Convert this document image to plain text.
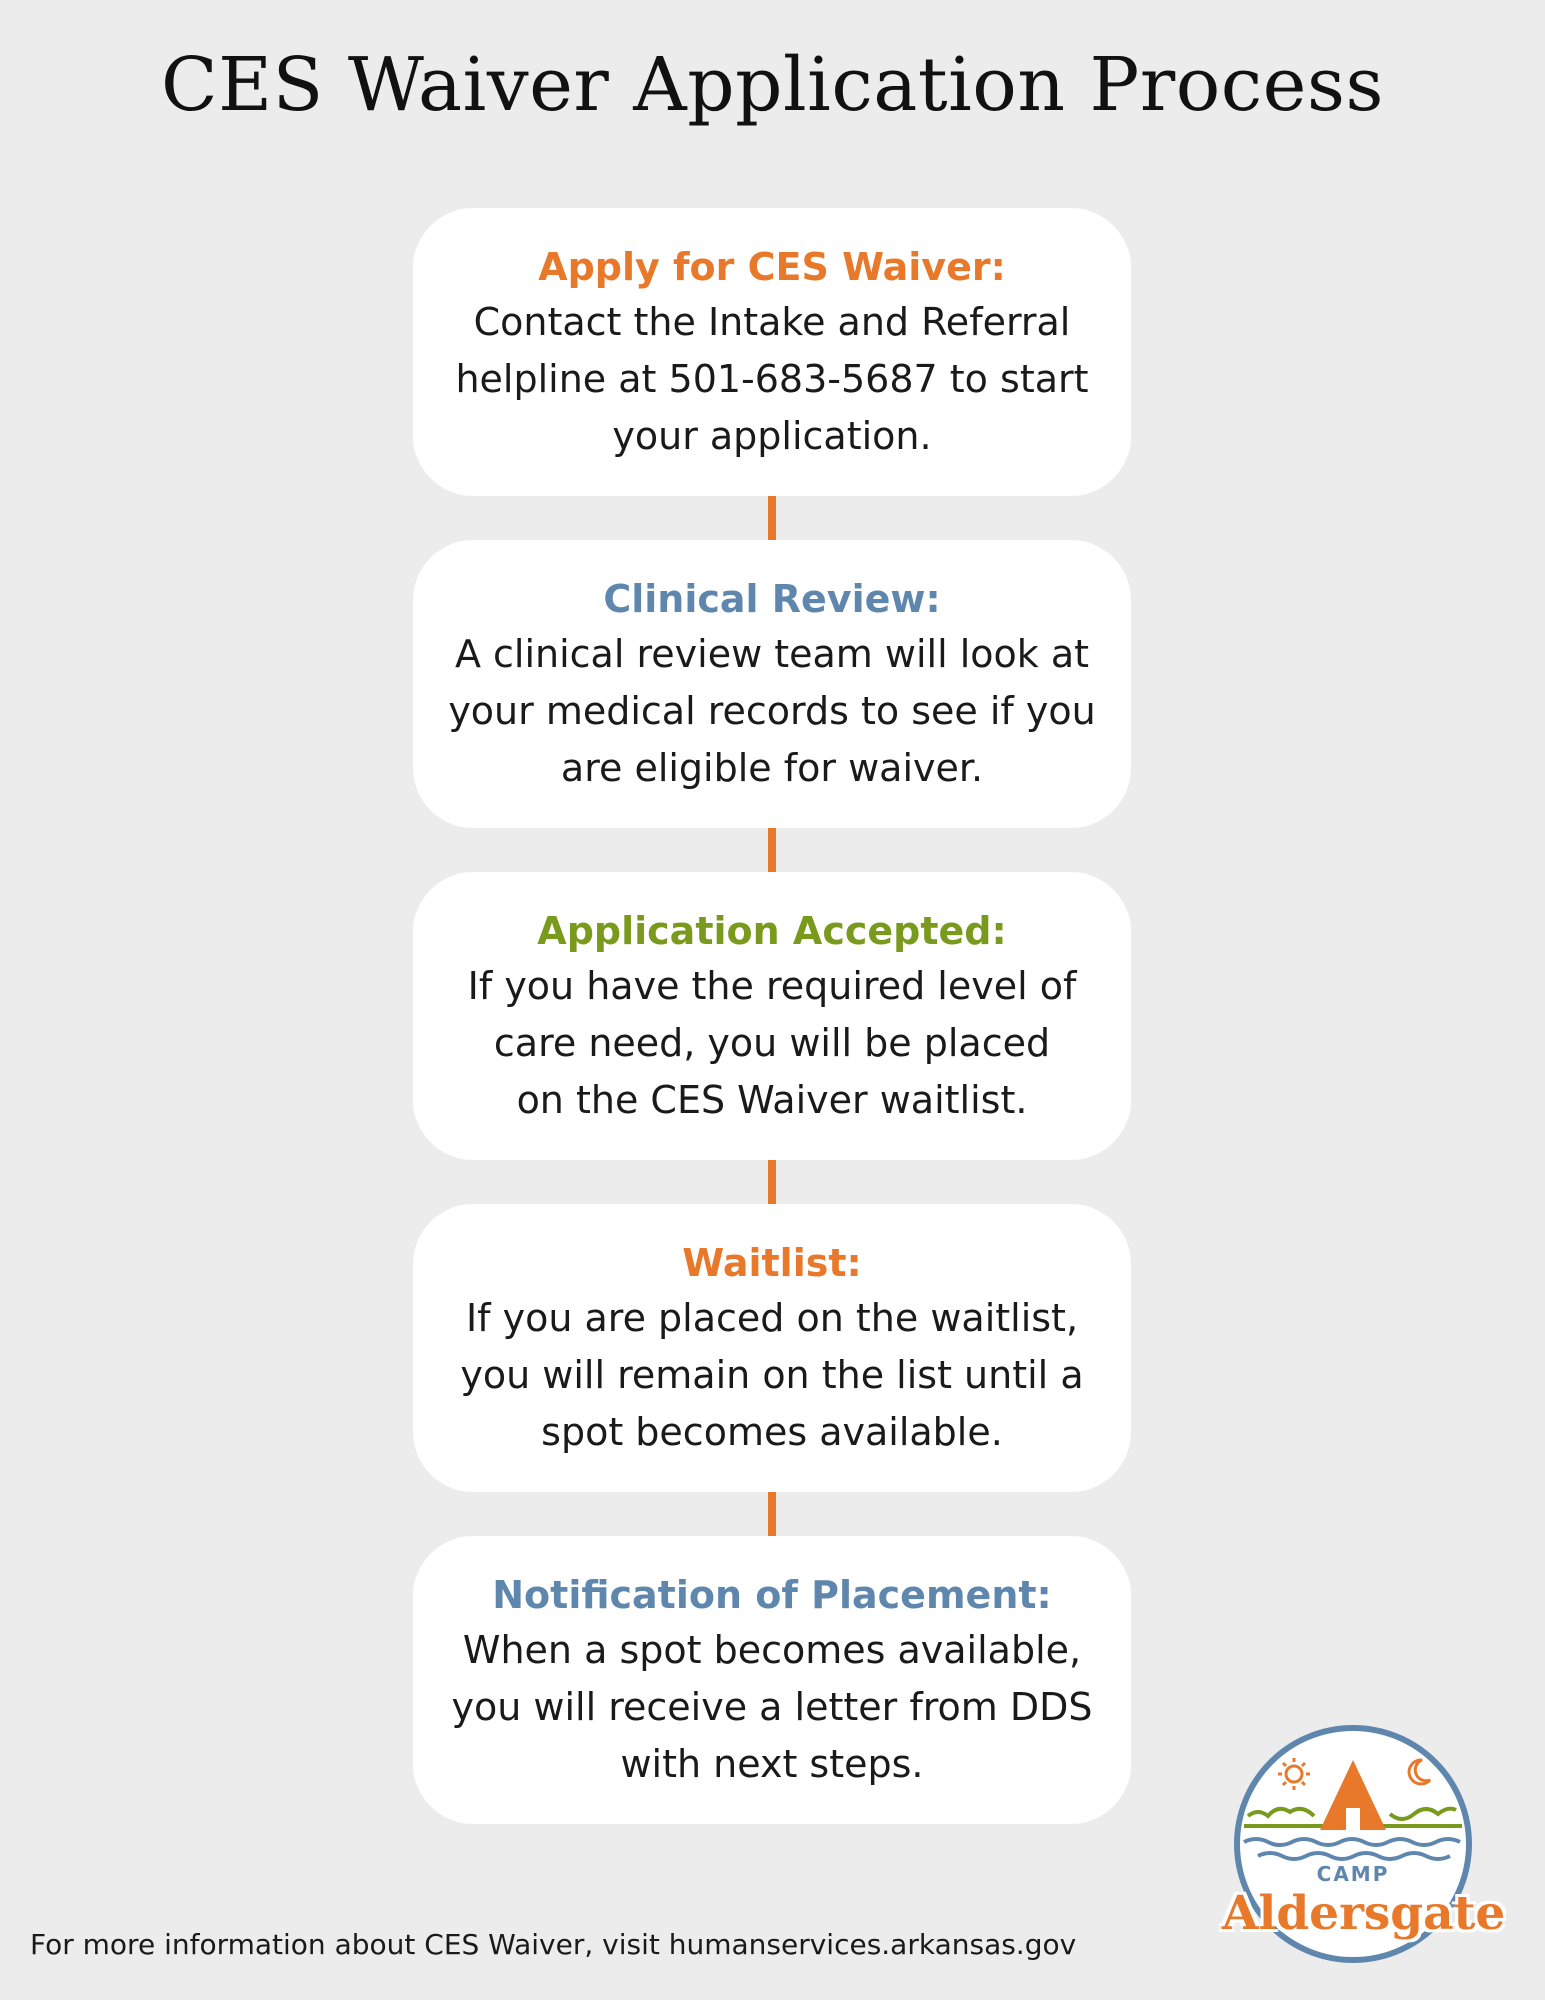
CES Waiver Application Process
Apply for CES Waiver:
Contact the Intake and Referral
helpline at 501-683-5687 to start
your application.
Clinical Review:
A clinical review team will look at
your medical records to see if you
are eligible for waiver.
Application Accepted:
If you have the required level of
care need, you will be placed
on the CES Waiver waitlist.
Waitlist:
If you are placed on the waitlist,
you will remain on the list until a
spot becomes available.
Notification of Placement:
When a spot becomes available,
you will receive a letter from DDS
with next steps.
For more information about CES Waiver, visit humanservices.arkansas.gov
CAMP
Aldersgate
